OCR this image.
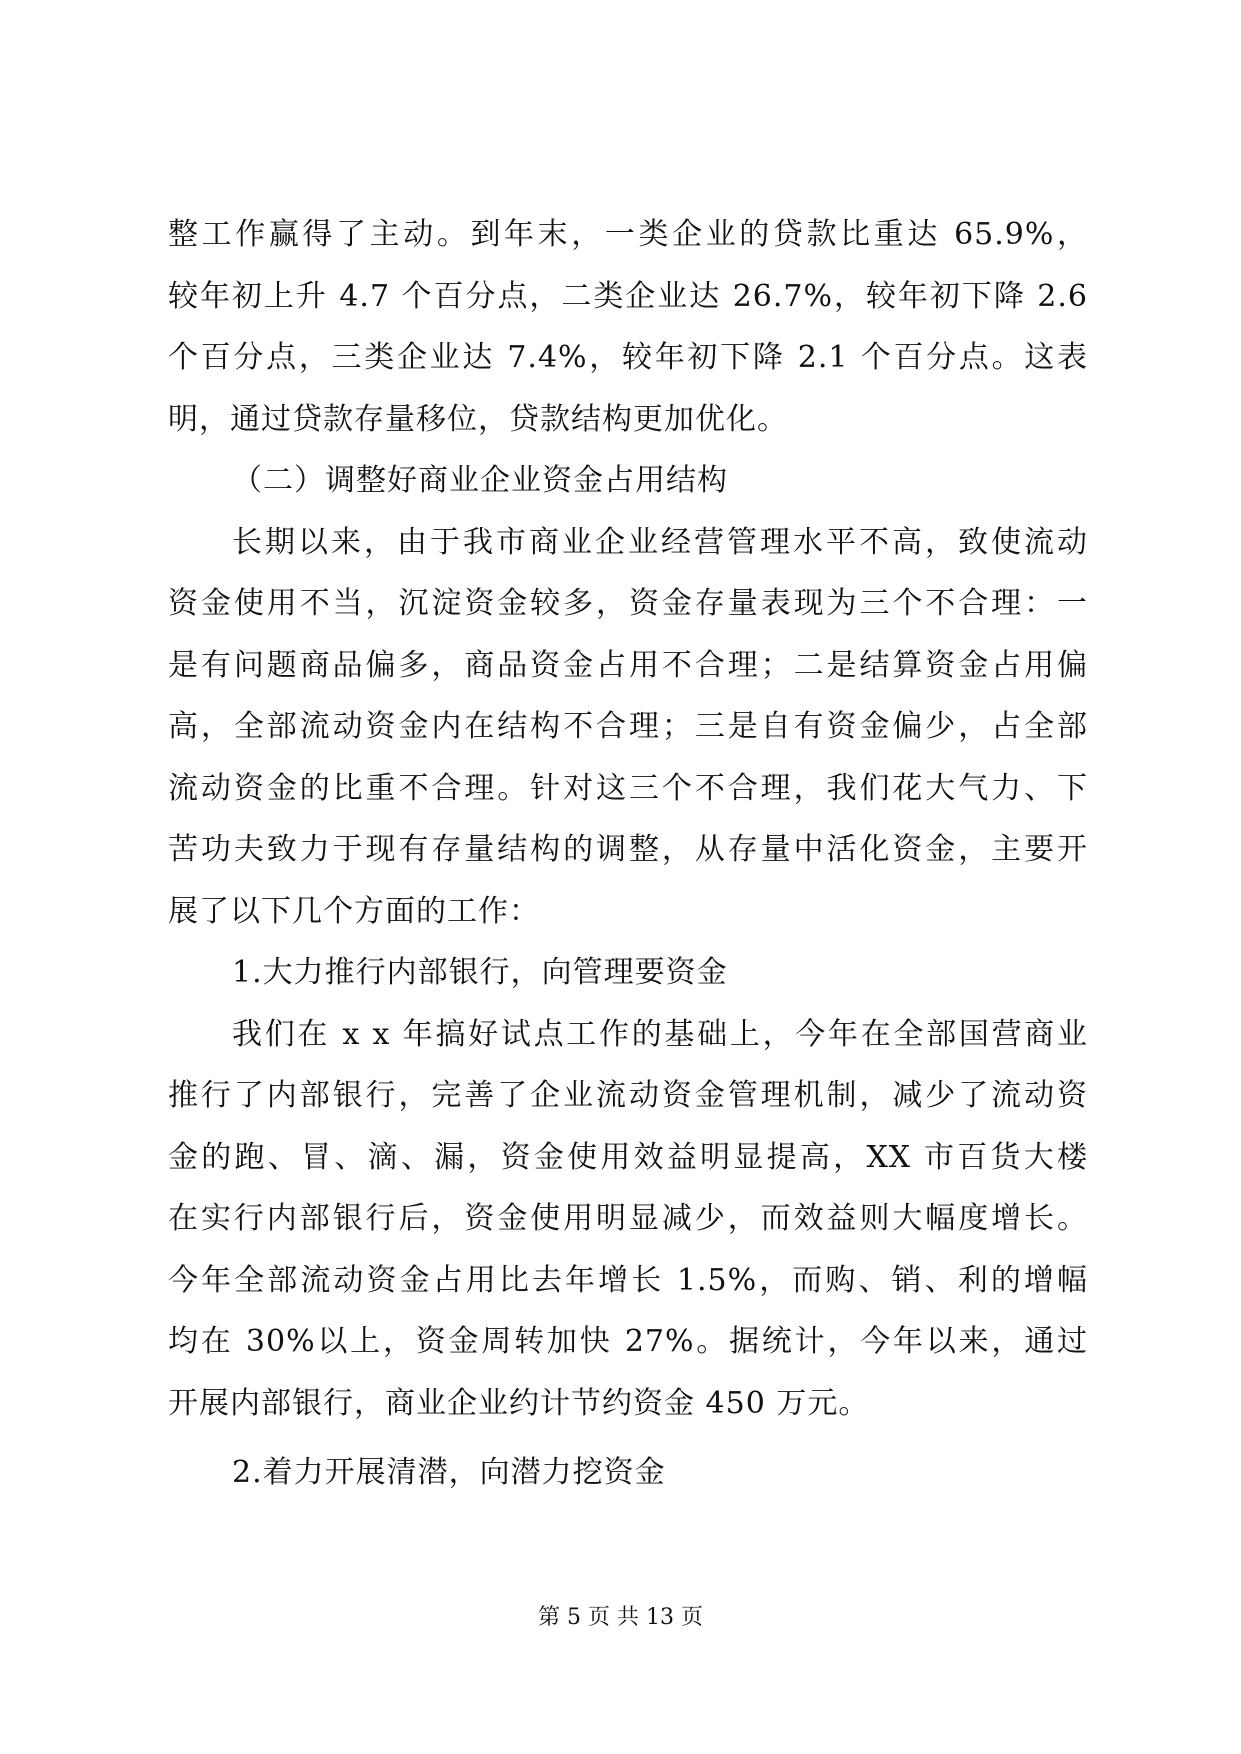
整工作赢得了主动。到年末，一类企业的贷款比重达 65.9%，
较年初上升 4.7 个百分点，二类企业达 26.7%，较年初下降 2.6
个百分点，三类企业达 7.4%，较年初下降 2.1 个百分点。这表
明，通过贷款存量移位，贷款结构更加优化。
（二）调整好商业企业资金占用结构
长期以来，由于我市商业企业经营管理水平不高，致使流动
资金使用不当，沉淀资金较多，资金存量表现为三个不合理：一
是有问题商品偏多，商品资金占用不合理；二是结算资金占用偏
高，全部流动资金内在结构不合理；三是自有资金偏少，占全部
流动资金的比重不合理。针对这三个不合理，我们花大气力、下
苦功夫致力于现有存量结构的调整，从存量中活化资金，主要开
展了以下几个方面的工作：
1.大力推行内部银行，向管理要资金
我们在 x x 年搞好试点工作的基础上，今年在全部国营商业
推行了内部银行，完善了企业流动资金管理机制，减少了流动资
金的跑、冒、滴、漏，资金使用效益明显提高，XX 市百货大楼
在实行内部银行后，资金使用明显减少，而效益则大幅度增长。
今年全部流动资金占用比去年增长 1.5%，而购、销、利的增幅
均在 30%以上，资金周转加快 27%。据统计，今年以来，通过
开展内部银行，商业企业约计节约资金 450 万元。
2.着力开展清潜，向潜力挖资金
第 5 页 共 13 页
